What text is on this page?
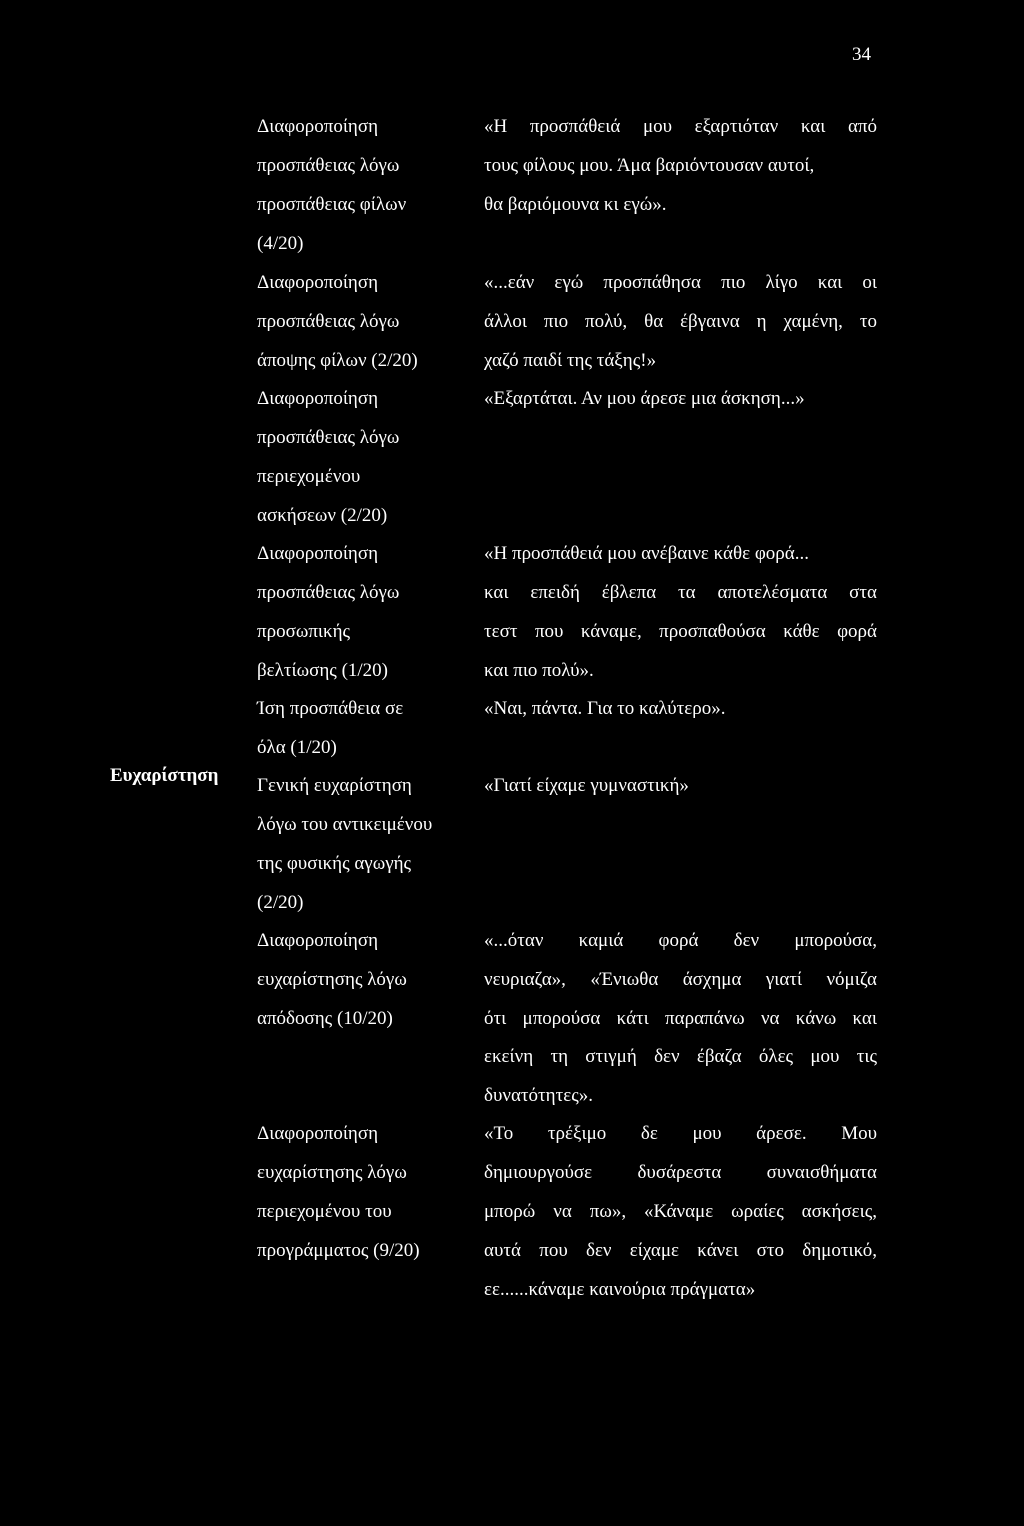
34
Ευχαρίστηση
Διαφοροποίηση
προσπάθειας λόγω
προσπάθειας φίλων
(4/20)
Διαφοροποίηση
προσπάθειας λόγω
άποψης φίλων (2/20)
Διαφοροποίηση
προσπάθειας λόγω
περιεχομένου
ασκήσεων (2/20)
Διαφοροποίηση
προσπάθειας λόγω
προσωπικής
βελτίωσης (1/20)
Ίση προσπάθεια σε
όλα (1/20)
Γενική ευχαρίστηση
λόγω του αντικειμένου
της φυσικής αγωγής
(2/20)
Διαφοροποίηση
ευχαρίστησης λόγω
απόδοσης (10/20)
Διαφοροποίηση
ευχαρίστησης λόγω
περιεχομένου του
προγράμματος (9/20)
«Η προσπάθειά μου εξαρτιόταν και από
τους φίλους μου. Άμα βαριόντουσαν αυτοί,
θα βαριόμουνα κι εγώ».
«...εάν εγώ προσπάθησα πιο λίγο και οι
άλλοι πιο πολύ, θα έβγαινα η χαμένη, το
χαζό παιδί της τάξης!»
«Εξαρτάται. Αν μου άρεσε μια άσκηση...»
«Η προσπάθειά μου ανέβαινε κάθε φορά...
και επειδή έβλεπα τα αποτελέσματα στα
τεστ που κάναμε, προσπαθούσα κάθε φορά
και πιο πολύ».
«Ναι, πάντα. Για το καλύτερο».
«Γιατί είχαμε γυμναστική»
«...όταν καμιά φορά δεν μπορούσα,
νευριαζα», «Ένιωθα άσχημα γιατί νόμιζα
ότι μπορούσα κάτι παραπάνω να κάνω και
εκείνη τη στιγμή δεν έβαζα όλες μου τις
δυνατότητες».
«Το τρέξιμο δε μου άρεσε. Μου
δημιουργούσε δυσάρεστα συναισθήματα
μπορώ να πω», «Κάναμε ωραίες ασκήσεις,
αυτά που δεν είχαμε κάνει στο δημοτικό,
εε......κάναμε καινούρια πράγματα»
